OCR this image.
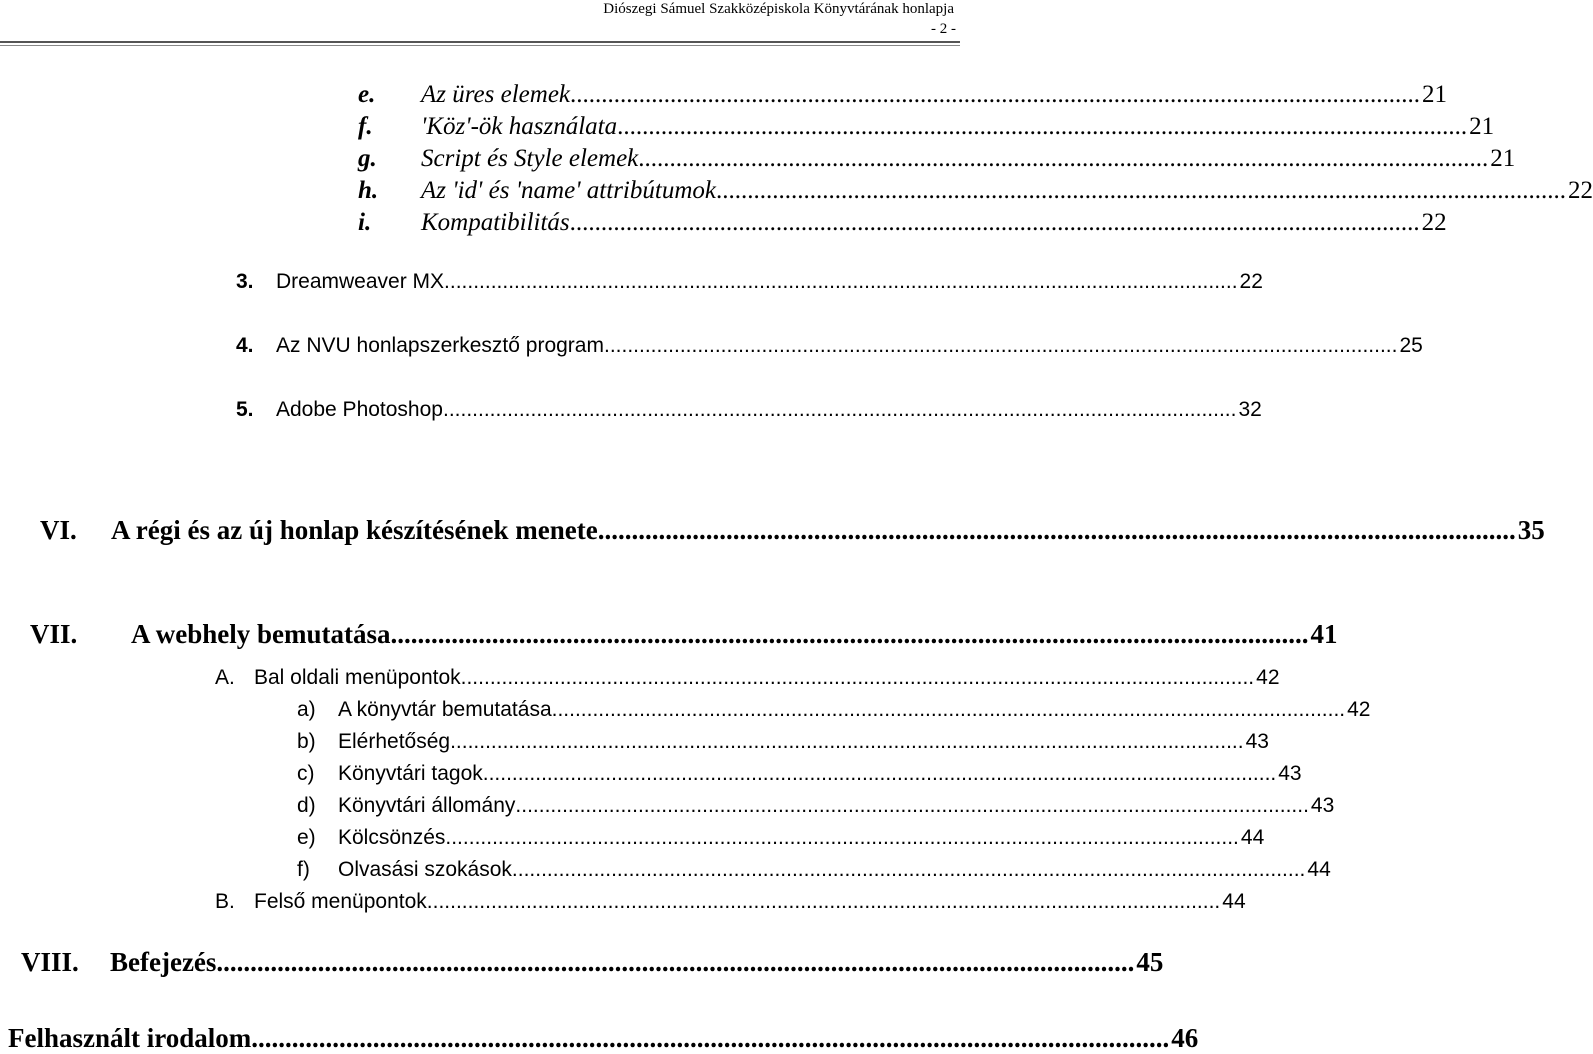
Diószegi Sámuel Szakközépiskola Könyvtárának honlapja
- 2 -
e.	Az üres elemek ........................................................................................................................................ 21
f.	'Köz'-ök használata ........................................................................................................................................ 21
g.	Script és Style elemek ........................................................................................................................................ 21
h.	Az 'id' és 'name' attribútumok ........................................................................................................................................ 22
i.	Kompatibilitás ........................................................................................................................................ 22
3.	Dreamweaver MX ........................................................................................................................................ 22
4.	Az NVU honlapszerkesztő program ........................................................................................................................................ 25
5.	Adobe Photoshop ........................................................................................................................................ 32
VI.	A régi és az új honlap készítésének menete ........................................................................................................................................ 35
VII.	A webhely bemutatása ........................................................................................................................................ 41
A. Bal oldali menüpontok ........................................................................................................................................ 42
a)	A könyvtár bemutatása ........................................................................................................................................ 42
b)	Elérhetőség ........................................................................................................................................ 43
c)	Könyvtári tagok ........................................................................................................................................ 43
d)	Könyvtári állomány ........................................................................................................................................ 43
e)	Kölcsönzés ........................................................................................................................................ 44
f)	Olvasási szokások ........................................................................................................................................ 44
B. Felső menüpontok ........................................................................................................................................ 44
VIII.	Befejezés ........................................................................................................................................ 45
Felhasznált irodalom ........................................................................................................................................ 46
